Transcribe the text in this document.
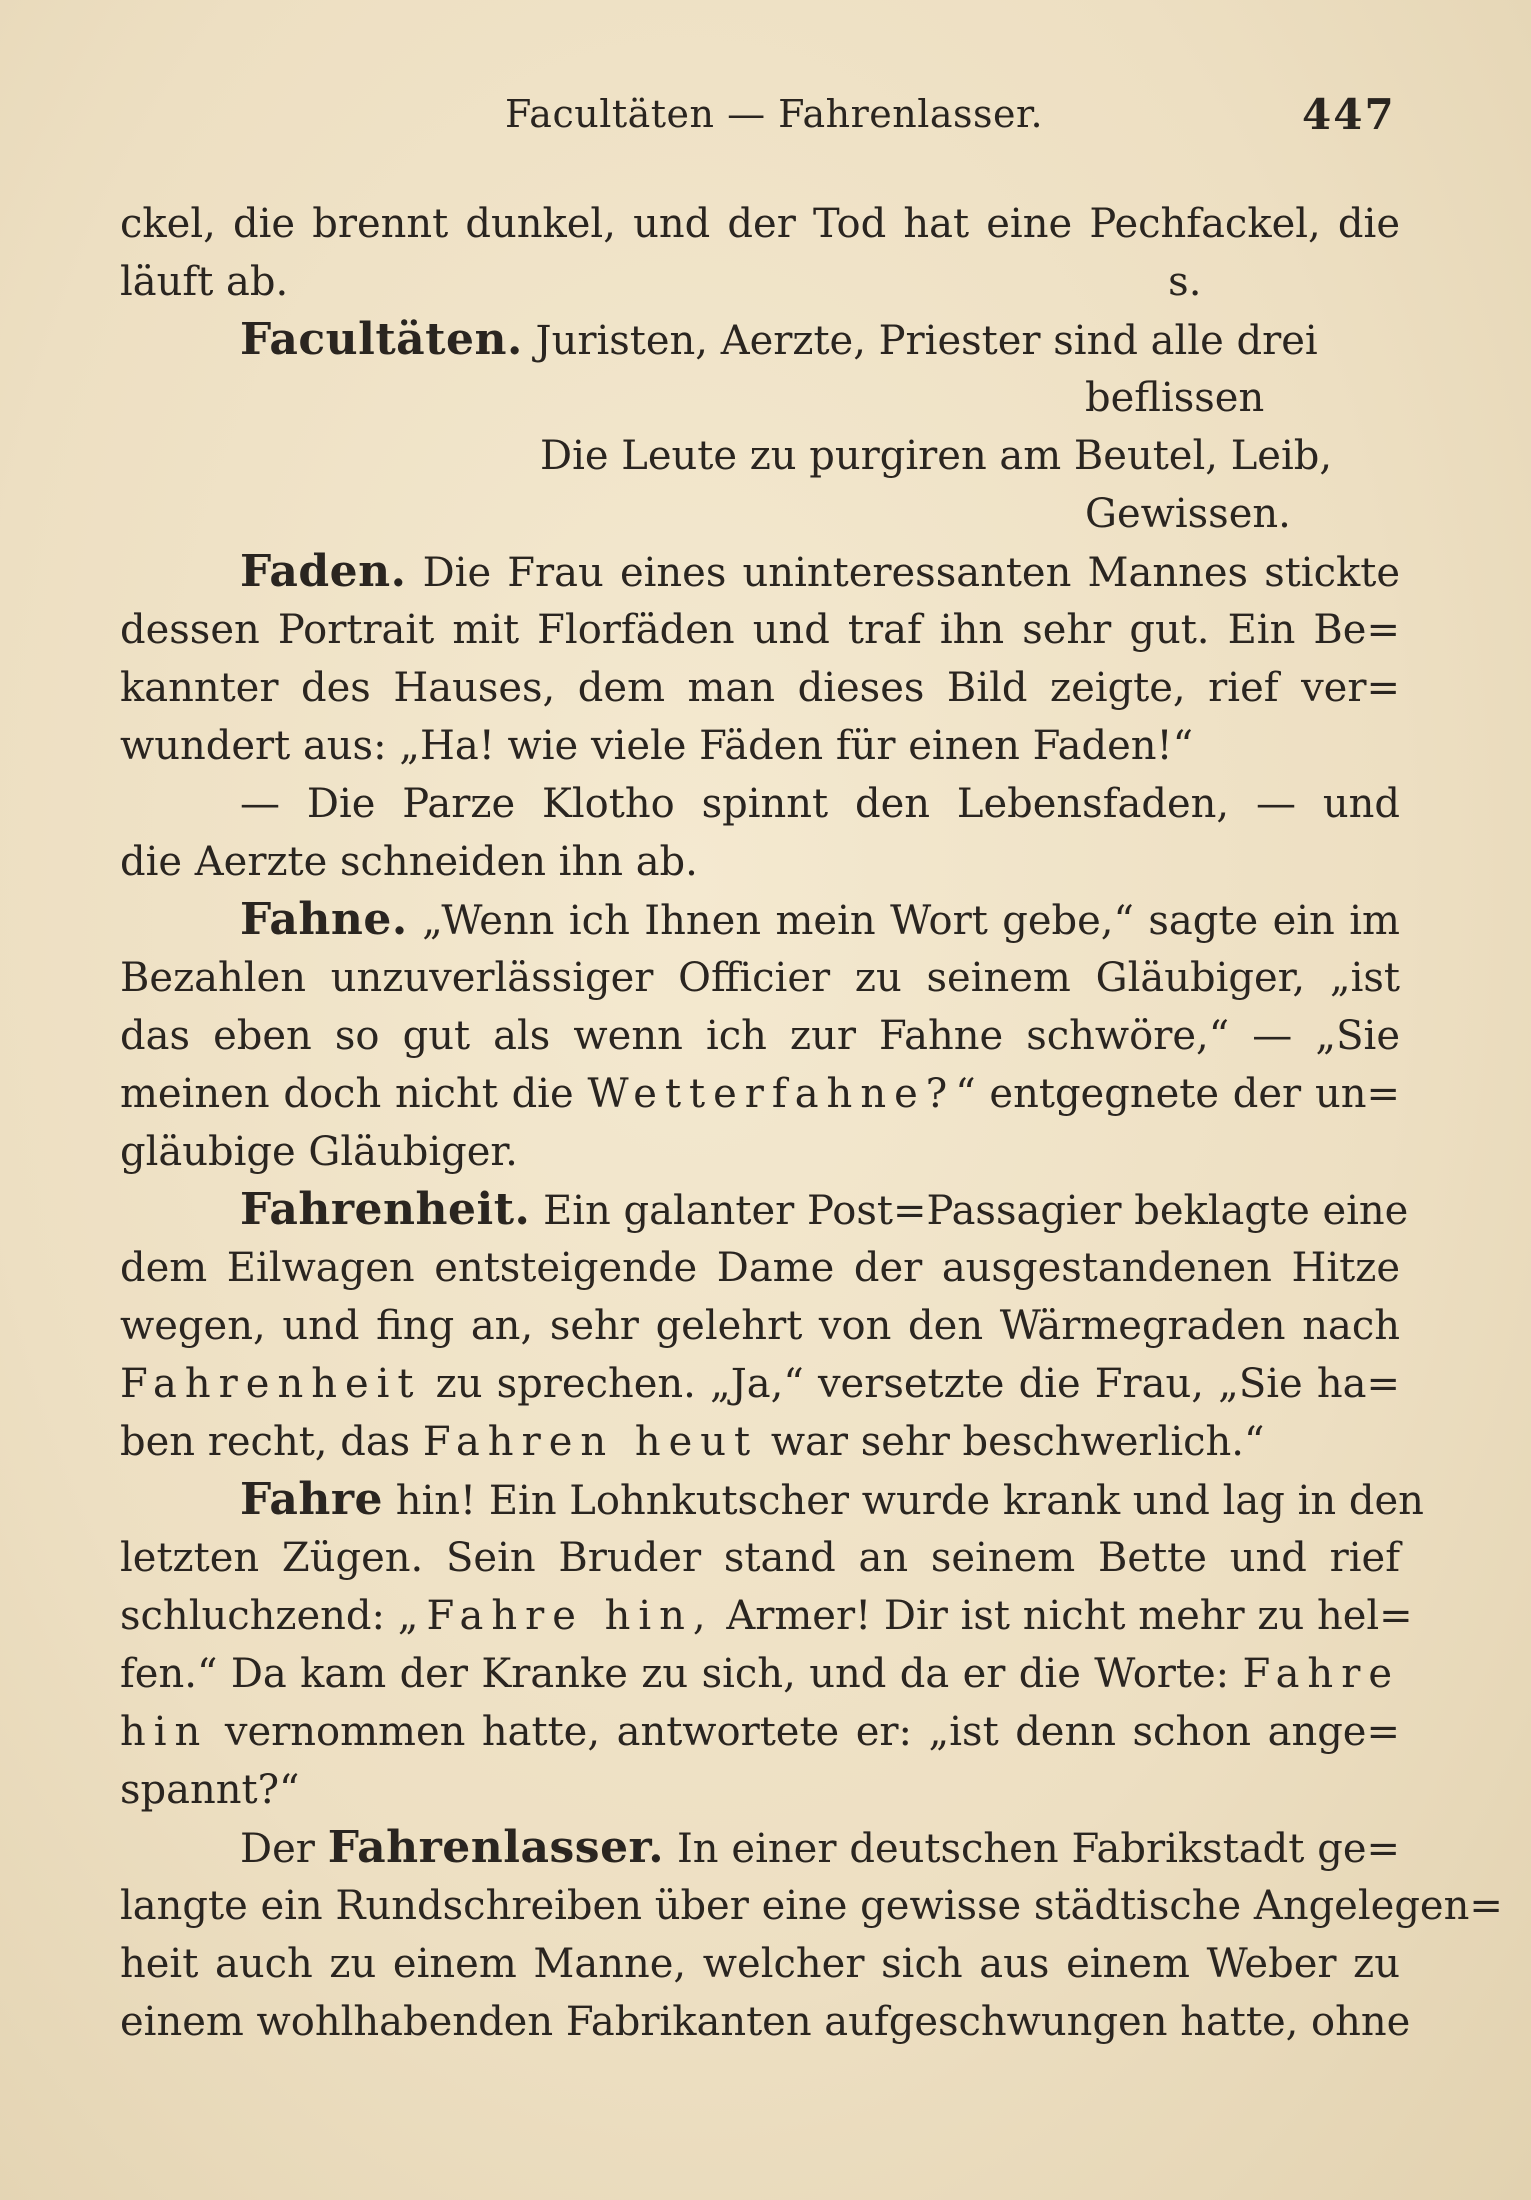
Facultäten — Fahrenlasser.	447
ckel, die brennt dunkel, und der Tod hat eine Pechfackel, die
läuft ab.	s.
Facultäten. Juristen, Aerzte, Priester sind alle drei
beflissen
Die Leute zu purgiren am Beutel, Leib,
Gewissen.
Faden. Die Frau eines uninteressanten Mannes stickte
dessen Portrait mit Florfäden und traf ihn sehr gut. Ein Be=
kannter des Hauses, dem man dieses Bild zeigte, rief ver=
wundert aus: „Ha! wie viele Fäden für einen Faden!“
— Die Parze Klotho spinnt den Lebensfaden, — und
die Aerzte schneiden ihn ab.
Fahne. „Wenn ich Ihnen mein Wort gebe,“ sagte ein im
Bezahlen unzuverlässiger Officier zu seinem Gläubiger, „ist
das eben so gut als wenn ich zur Fahne schwöre,“ — „Sie
meinen doch nicht die Wetterfahne?“ entgegnete der un=
gläubige Gläubiger.
Fahrenheit. Ein galanter Post=Passagier beklagte eine
dem Eilwagen entsteigende Dame der ausgestandenen Hitze
wegen, und fing an, sehr gelehrt von den Wärmegraden nach
Fahrenheit zu sprechen. „Ja,“ versetzte die Frau, „Sie ha=
ben recht, das Fahren heut war sehr beschwerlich.“
Fahre hin! Ein Lohnkutscher wurde krank und lag in den
letzten Zügen. Sein Bruder stand an seinem Bette und rief
schluchzend: „Fahre hin, Armer! Dir ist nicht mehr zu hel=
fen.“ Da kam der Kranke zu sich, und da er die Worte: Fahre
hin vernommen hatte, antwortete er: „ist denn schon ange=
spannt?“
Der Fahrenlasser. In einer deutschen Fabrikstadt ge=
langte ein Rundschreiben über eine gewisse städtische Angelegen=
heit auch zu einem Manne, welcher sich aus einem Weber zu
einem wohlhabenden Fabrikanten aufgeschwungen hatte, ohne
